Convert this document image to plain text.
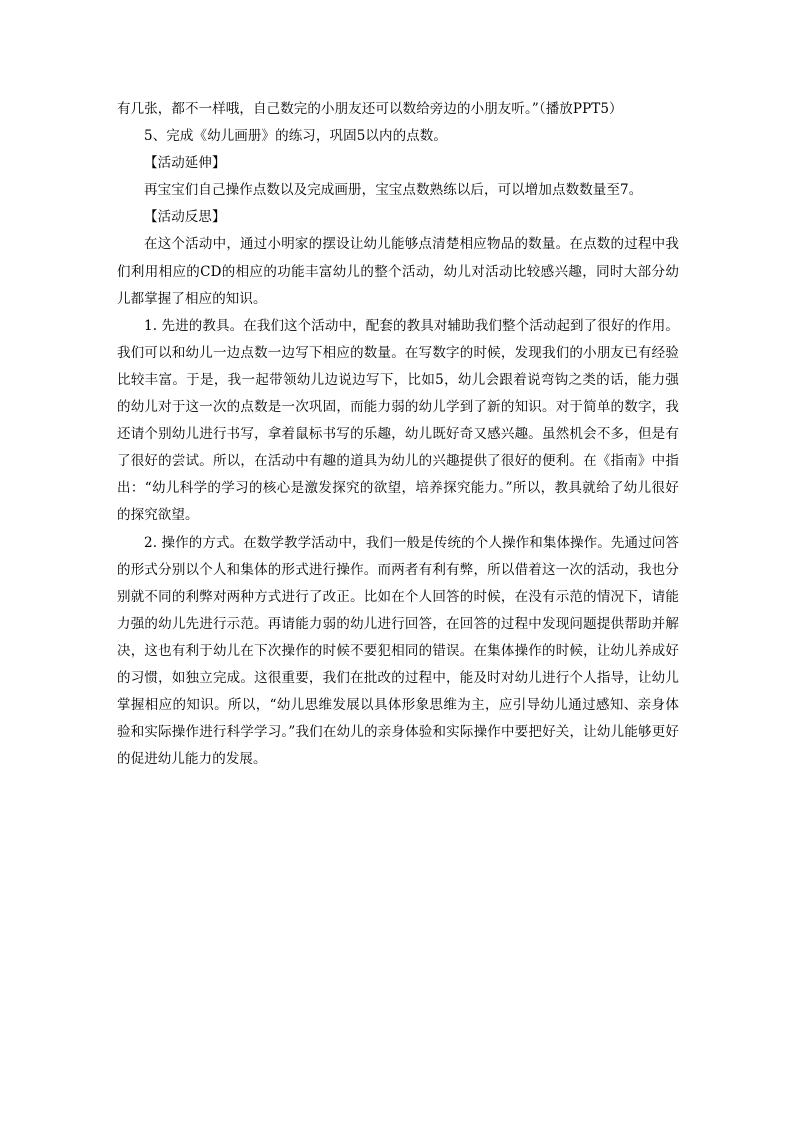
有几张，都不一样哦，自己数完的小朋友还可以数给旁边的小朋友听。”（播放PPT5）

5、完成《幼儿画册》的练习，巩固5以内的点数。

【活动延伸】

再宝宝们自己操作点数以及完成画册，宝宝点数熟练以后，可以增加点数数量至7。

【活动反思】

在这个活动中，通过小明家的摆设让幼儿能够点清楚相应物品的数量。在点数的过程中我们利用相应的CD的相应的功能丰富幼儿的整个活动，幼儿对活动比较感兴趣，同时大部分幼儿都掌握了相应的知识。

1. 先进的教具。在我们这个活动中，配套的教具对辅助我们整个活动起到了很好的作用。我们可以和幼儿一边点数一边写下相应的数量。在写数字的时候，发现我们的小朋友已有经验比较丰富。于是，我一起带领幼儿边说边写下，比如5，幼儿会跟着说弯钩之类的话，能力强的幼儿对于这一次的点数是一次巩固，而能力弱的幼儿学到了新的知识。对于简单的数字，我还请个别幼儿进行书写，拿着鼠标书写的乐趣，幼儿既好奇又感兴趣。虽然机会不多，但是有了很好的尝试。所以，在活动中有趣的道具为幼儿的兴趣提供了很好的便利。在《指南》中指出：“幼儿科学的学习的核心是激发探究的欲望，培养探究能力。”所以，教具就给了幼儿很好的探究欲望。

2. 操作的方式。在数学教学活动中，我们一般是传统的个人操作和集体操作。先通过问答的形式分别以个人和集体的形式进行操作。而两者有利有弊，所以借着这一次的活动，我也分别就不同的利弊对两种方式进行了改正。比如在个人回答的时候，在没有示范的情况下，请能力强的幼儿先进行示范。再请能力弱的幼儿进行回答，在回答的过程中发现问题提供帮助并解决，这也有利于幼儿在下次操作的时候不要犯相同的错误。在集体操作的时候，让幼儿养成好的习惯，如独立完成。这很重要，我们在批改的过程中，能及时对幼儿进行个人指导，让幼儿掌握相应的知识。所以，“幼儿思维发展以具体形象思维为主，应引导幼儿通过感知、亲身体验和实际操作进行科学学习。”我们在幼儿的亲身体验和实际操作中要把好关，让幼儿能够更好的促进幼儿能力的发展。
